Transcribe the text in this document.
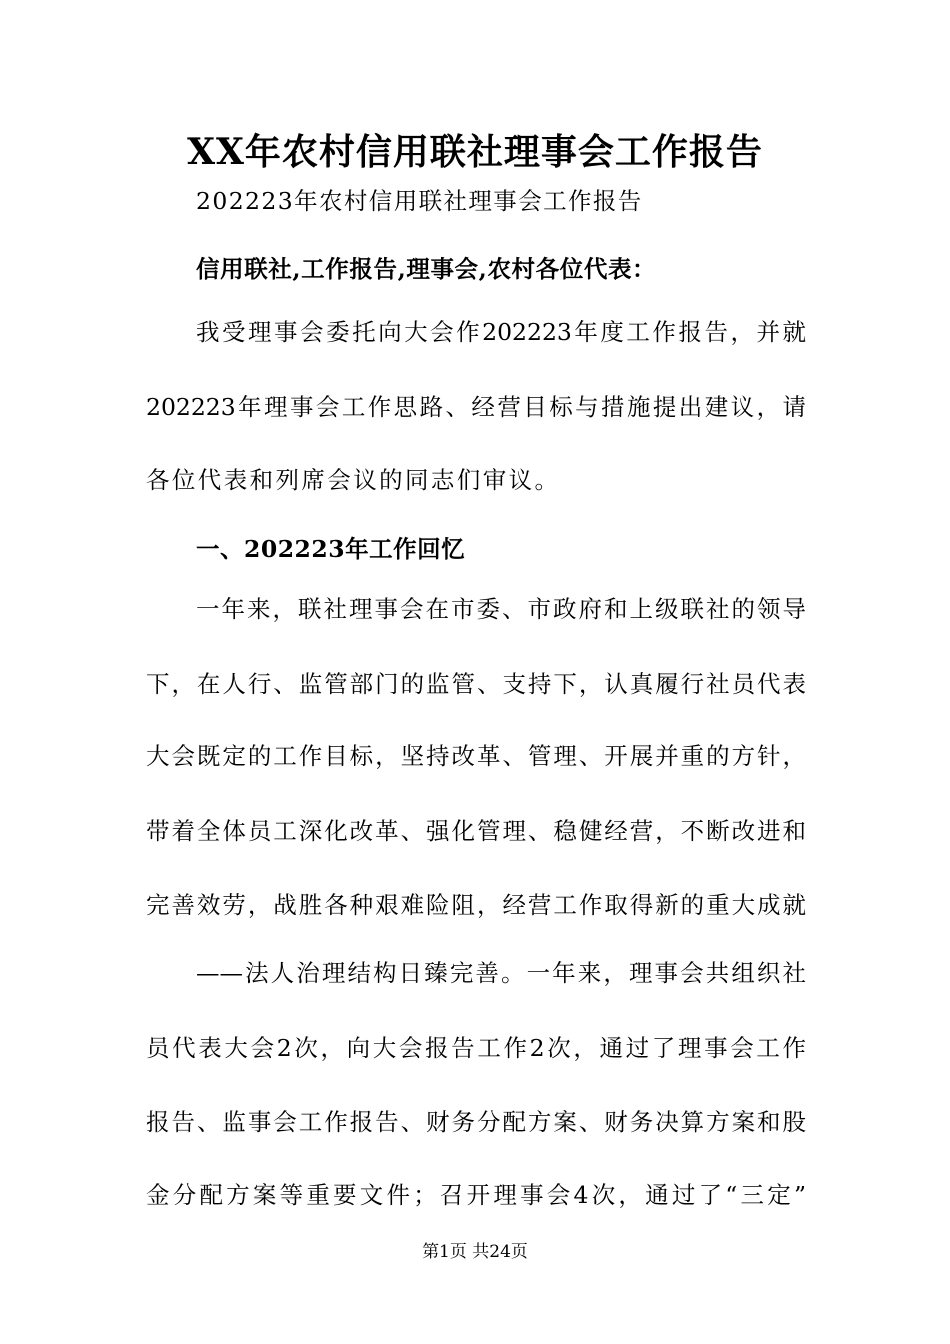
XX年农村信用联社理事会工作报告
202223年农村信用联社理事会工作报告
信用联社,工作报告,理事会,农村各位代表：
我受理事会委托向大会作202223年度工作报告，并就
202223年理事会工作思路、经营目标与措施提出建议，请
各位代表和列席会议的同志们审议。
一、202223年工作回忆
一年来，联社理事会在市委、市政府和上级联社的领导
下，在人行、监管部门的监管、支持下，认真履行社员代表
大会既定的工作目标，坚持改革、管理、开展并重的方针，
带着全体员工深化改革、强化管理、稳健经营，不断改进和
完善效劳，战胜各种艰难险阻，经营工作取得新的重大成就
——法人治理结构日臻完善。一年来，理事会共组织社
员代表大会2次，向大会报告工作2次，通过了理事会工作
报告、监事会工作报告、财务分配方案、财务决算方案和股
金分配方案等重要文件；召开理事会4次，通过了“三定”
第1页 共24页
